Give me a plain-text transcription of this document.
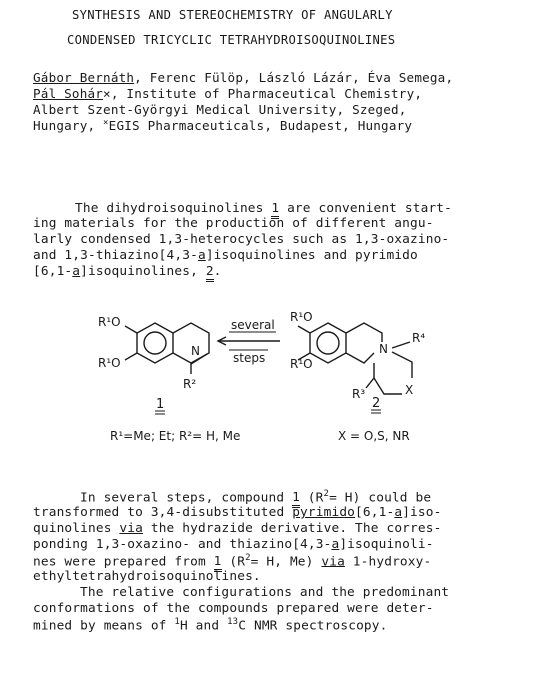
SYNTHESIS AND STEREOCHEMISTRY OF ANGULARLY
CONDENSED TRICYCLIC TETRAHYDROISOQUINOLINES
Gábor Bernáth, Ferenc Fülöp, László Lázár, Éva Semega,
Pál Sohár×, Institute of Pharmaceutical Chemistry,
Albert Szent-Györgyi Medical University, Szeged,
Hungary, ×EGIS Pharmaceuticals, Budapest, Hungary
The dihydroisoquinolines 1 are convenient start-
ing materials for the production of different angu-
larly condensed 1,3-heterocycles such as 1,3-oxazino-
and 1,3-thiazino[4,3-a]isoquinolines and pyrimido
[6,1-a]isoquinolines, 2.
R¹O
R¹O
N
R²
1
several
steps
R¹O
R¹O
N
R⁴
X
R³
2
R¹=Me; Et; R²= H, Me	X = O,S, NR
In several steps, compound 1 $(R^2= H)$ could be
transformed to 3,4-disubstituted pyrimido[6,1-a]iso-
quinolines via the hydrazide derivative. The corres-
ponding 1,3-oxazino- and thiazino[4,3-a]isoquinoli-
nes were prepared from 1 ($R^2= H$, Me) via 1-hydroxy-
ethyltetrahydroisoquinolines.
The relative configurations and the predominant
conformations of the compounds prepared were deter-
mined by means of $^1$H and $^{13}$C NMR spectroscopy.
